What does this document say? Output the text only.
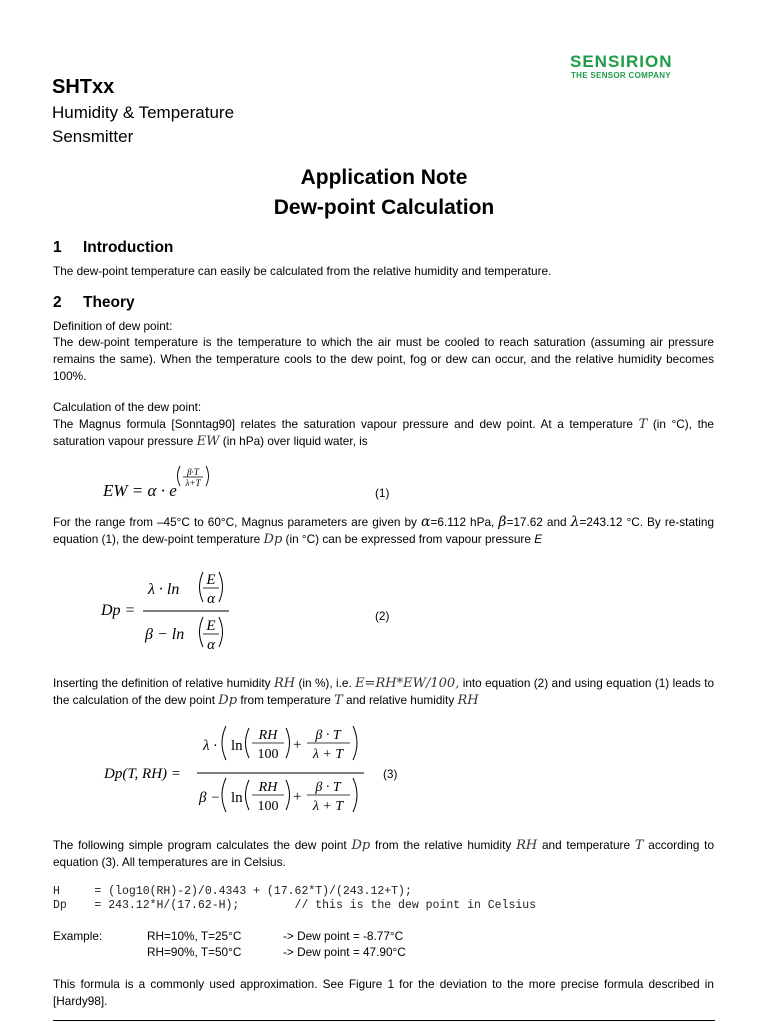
SENSIRION
THE SENSOR COMPANY
SHTxx
Humidity & Temperature
Sensmitter
Application Note
Dew-point Calculation
1 Introduction
The dew-point temperature can easily be calculated from the relative humidity and temperature.
2 Theory
Definition of dew point:
The dew-point temperature is the temperature to which the air must be cooled to reach saturation (assuming air pressure remains the same). When the temperature cools to the dew point, fog or dew can occur, and the relative humidity becomes 100%.
Calculation of the dew point:
The Magnus formula [Sonntag90] relates the saturation vapour pressure and dew point. At a temperature T (in °C), the saturation vapour pressure EW (in hPa) over liquid water, is
EW = α · e
β·T
λ+T
(1)
For the range from –45°C to 60°C, Magnus parameters are given by α=6.112 hPa, β=17.62 and λ=243.12 °C. By re-stating equation (1), the dew-point temperature Dp (in °C) can be expressed from vapour pressure E
Dp =
λ · ln
E
α
β − ln E
α
(2)
Inserting the definition of relative humidity RH (in %), i.e. E=RH*EW/100, into equation (2) and using equation (1) leads to the calculation of the dew point Dp from temperature T and relative humidity RH
Dp(T, RH) =
λ · ln
RH
100
+
β · T
λ + T
β − ln
RH
100
+
β · T
λ + T
(3)
The following simple program calculates the dew point Dp from the relative humidity RH and temperature T according to equation (3). All temperatures are in Celsius.
H     = (log10(RH)-2)/0.4343 + (17.62*T)/(243.12+T);
Dp    = 243.12*H/(17.62-H);        // this is the dew point in Celsius
Example:	RH=10%, T=25°C	-> Dew point = -8.77°C
RH=90%, T=50°C	-> Dew point = 47.90°C
This formula is a commonly used approximation. See Figure 1 for the deviation to the more precise formula described in [Hardy98].
